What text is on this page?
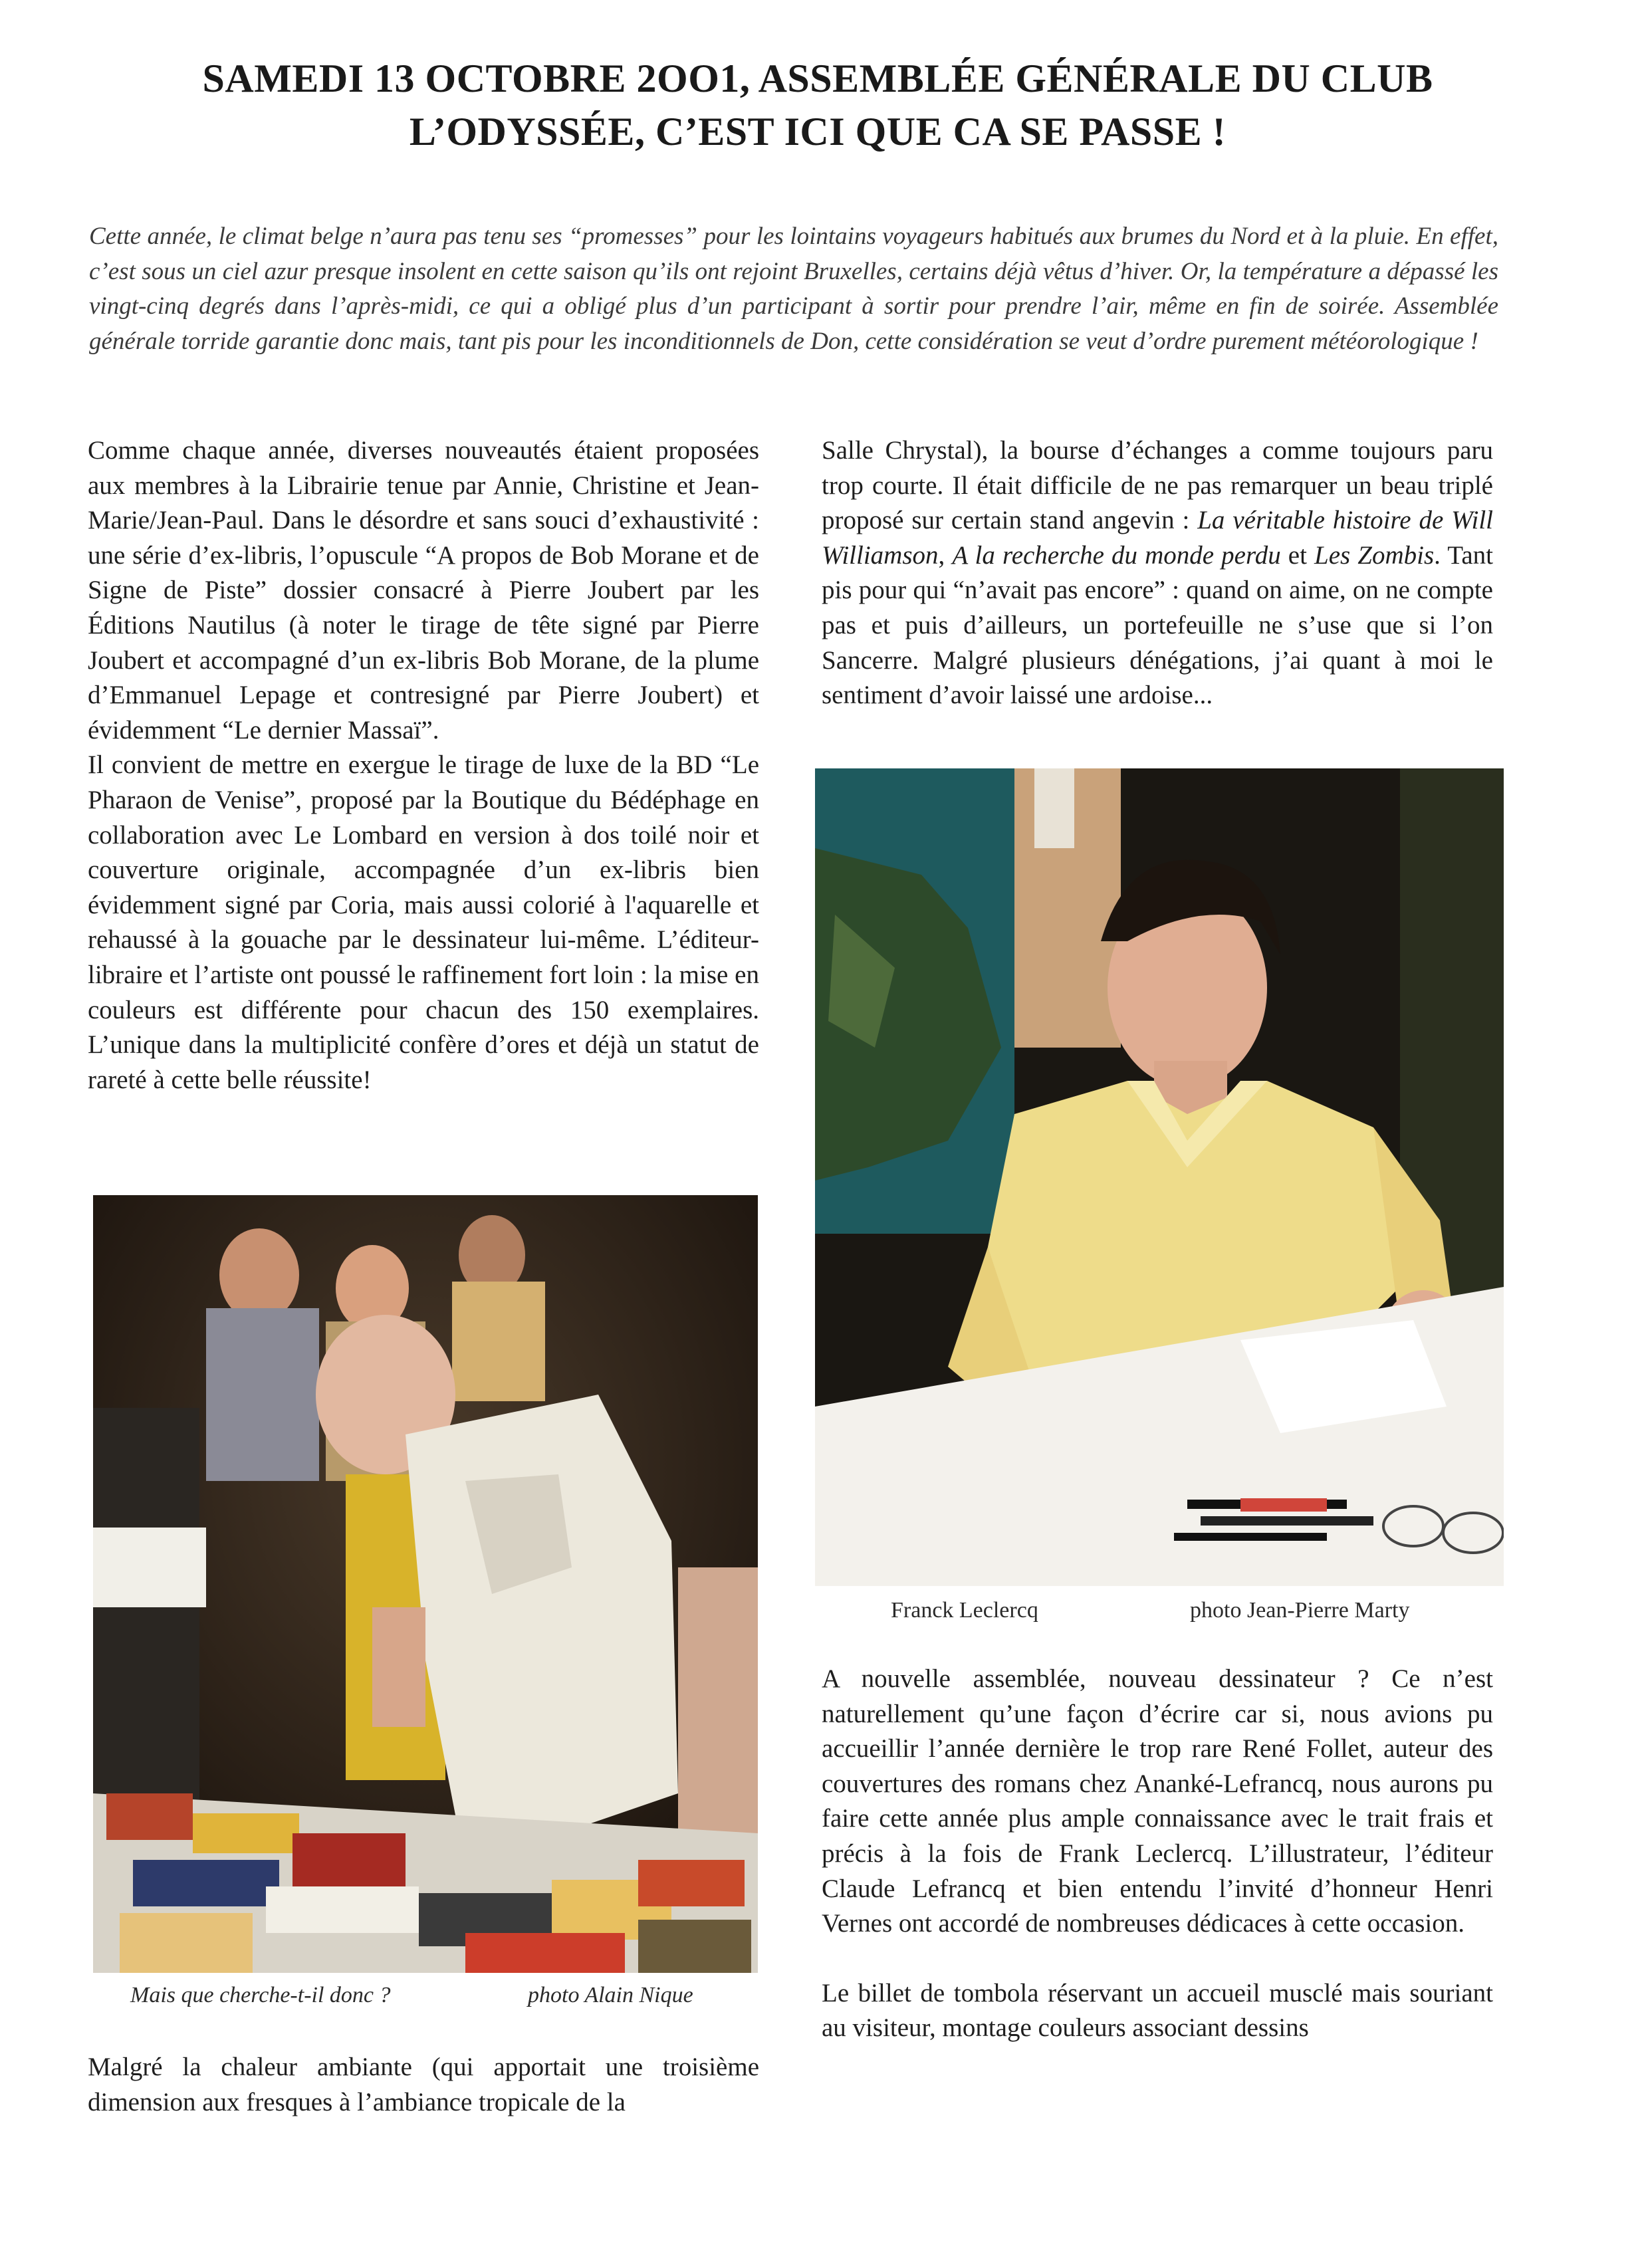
SAMEDI 13 OCTOBRE 2OO1, ASSEMBLÉE GÉNÉRALE DU CLUB
L’ODYSSÉE, C’EST ICI QUE CA SE PASSE !

Cette année, le climat belge n’aura pas tenu ses “promesses” pour les lointains voyageurs habitués aux brumes du Nord et à la pluie. En effet, c’est sous un ciel azur presque insolent en cette saison qu’ils ont rejoint Bruxelles, certains déjà vêtus d’hiver. Or, la température a dépassé les vingt-cinq degrés dans l’après-midi, ce qui a obligé plus d’un participant à sortir pour prendre l’air, même en fin de soirée. Assemblée générale torride garantie donc mais, tant pis pour les inconditionnels de Don, cette considération se veut d’ordre purement météorologique !

Comme chaque année, diverses nouveautés étaient proposées aux membres à la Librairie tenue par Annie, Christine et Jean-Marie/Jean-Paul. Dans le désordre et sans souci d’exhaustivité : une série d’ex-libris, l’opuscule “A propos de Bob Morane et de Signe de Piste” dossier consacré à Pierre Joubert par les Éditions Nautilus (à noter le tirage de tête signé par Pierre Joubert et accompagné d’un ex-libris Bob Morane, de la plume d’Emmanuel Lepage et contresigné par Pierre Joubert) et évidemment “Le dernier Massaï”.

Il convient de mettre en exergue le tirage de luxe de la BD “Le Pharaon de Venise”, proposé par la Boutique du Bédéphage en collaboration avec Le Lombard en version à dos toilé noir et couverture originale, accompagnée d’un ex-libris bien évidemment signé par Coria, mais aussi colorié à l'aquarelle et rehaussé à la gouache par le dessinateur lui-même. L’éditeur-libraire et l’artiste ont poussé le raffinement fort loin : la mise en couleurs est différente pour chacun des 150 exemplaires. L’unique dans la multiplicité confère d’ores et déjà un statut de rareté à cette belle réussite!

Mais que cherche-t-il donc ?	photo Alain Nique

Malgré la chaleur ambiante (qui apportait une troisième dimension aux fresques à l’ambiance tropicale de la

Salle Chrystal), la bourse d’échanges a comme toujours paru trop courte. Il était difficile de ne pas remarquer un beau triplé proposé sur certain stand angevin : La véritable histoire de Will Williamson, A la recherche du monde perdu et Les Zombis. Tant pis pour qui “n’avait pas encore” : quand on aime, on ne compte pas et puis d’ailleurs, un portefeuille ne s’use que si l’on Sancerre. Malgré plusieurs dénégations, j’ai quant à moi le sentiment d’avoir laissé une ardoise...

Franck Leclercq	photo Jean-Pierre Marty

A nouvelle assemblée, nouveau dessinateur ? Ce n’est naturellement qu’une façon d’écrire car si, nous avions pu accueillir l’année dernière le trop rare René Follet, auteur des couvertures des romans chez Ananké-Lefrancq, nous aurons pu faire cette année plus ample connaissance avec le trait frais et précis à la fois de Frank Leclercq. L’illustrateur, l’éditeur Claude Lefrancq et bien entendu l’invité d’honneur Henri Vernes ont accordé de nombreuses dédicaces à cette occasion.

Le billet de tombola réservant un accueil musclé mais souriant au visiteur, montage couleurs associant dessins
